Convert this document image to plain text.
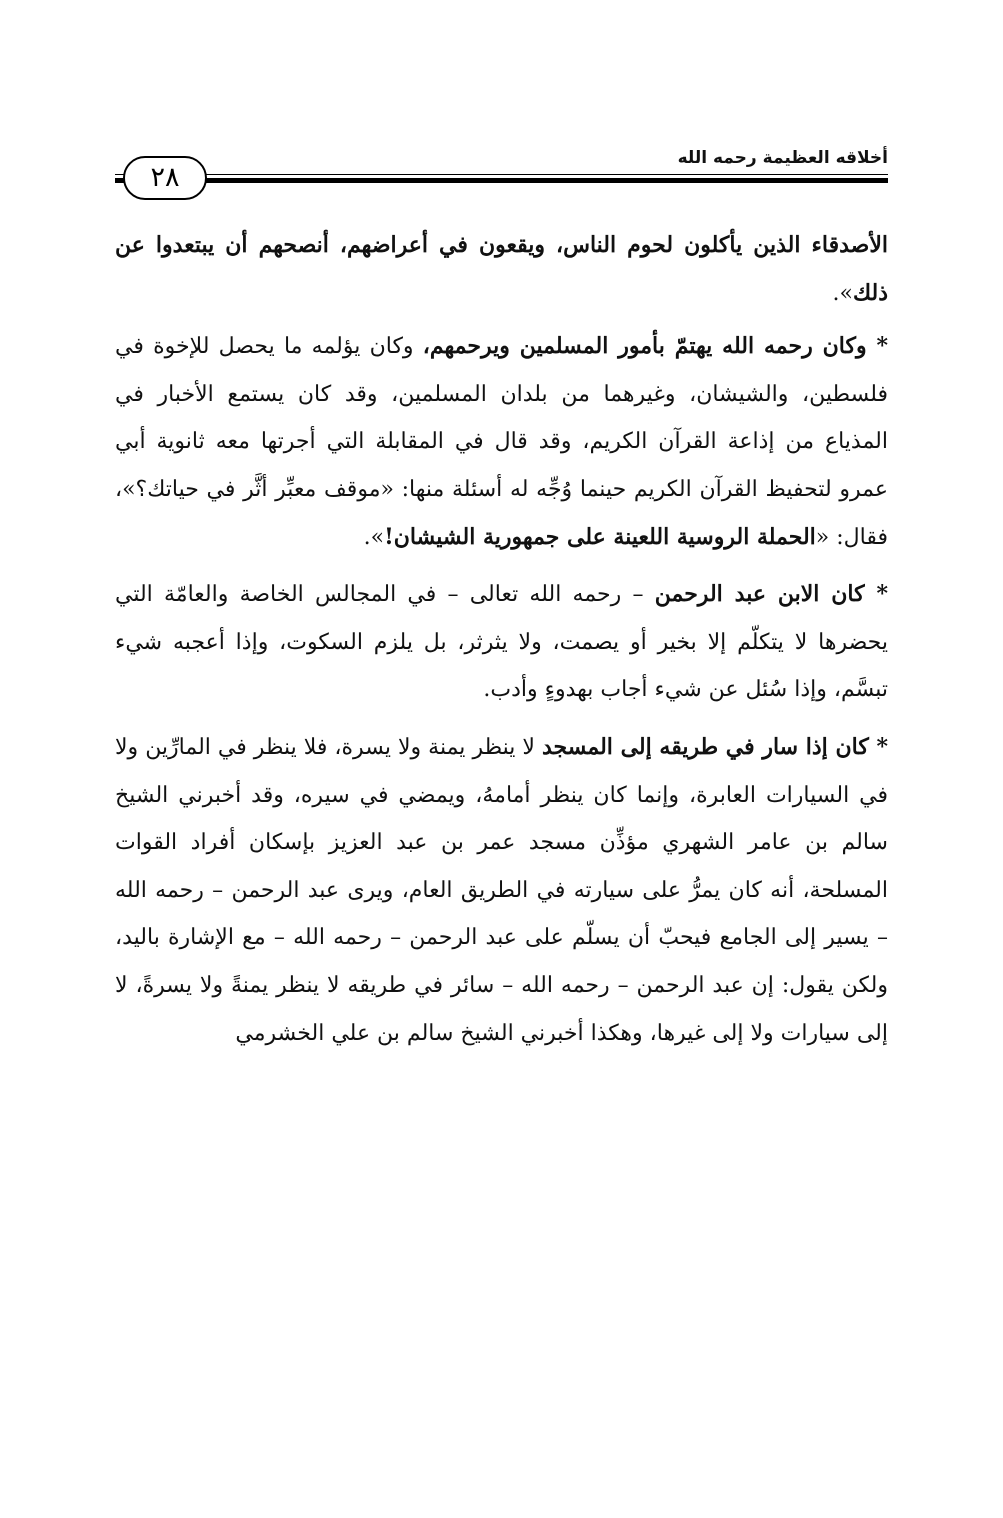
أخلاقه العظيمة رحمه الله
٢٨

الأصدقاء الذين يأكلون لحوم الناس، ويقعون في أعراضهم، أنصحهم أن يبتعدوا عن ذلك».

* وكان رحمه الله يهتمّ بأمور المسلمين ويرحمهم، وكان يؤلمه ما يحصل للإخوة في فلسطين، والشيشان، وغيرهما من بلدان المسلمين، وقد كان يستمع الأخبار في المذياع من إذاعة القرآن الكريم، وقد قال في المقابلة التي أجرتها معه ثانوية أبي عمرو لتحفيظ القرآن الكريم حينما وُجِّه له أسئلة منها: «موقف معبِّر أثَّر في حياتك؟»، فقال: «الحملة الروسية اللعينة على جمهورية الشيشان!».

* كان الابن عبد الرحمن – رحمه الله تعالى – في المجالس الخاصة والعامّة التي يحضرها لا يتكلّم إلا بخير أو يصمت، ولا يثرثر، بل يلزم السكوت، وإذا أعجبه شيء تبسَّم، وإذا سُئل عن شيء أجاب بهدوءٍ وأدب.

* كان إذا سار في طريقه إلى المسجد لا ينظر يمنة ولا يسرة، فلا ينظر في المارِّين ولا في السيارات العابرة، وإنما كان ينظر أمامهُ، ويمضي في سيره، وقد أخبرني الشيخ سالم بن عامر الشهري مؤذِّن مسجد عمر بن عبد العزيز بإسكان أفراد القوات المسلحة، أنه كان يمرُّ على سيارته في الطريق العام، ويرى عبد الرحمن – رحمه الله – يسير إلى الجامع فيحبّ أن يسلّم على عبد الرحمن – رحمه الله – مع الإشارة باليد، ولكن يقول: إن عبد الرحمن – رحمه الله – سائر في طريقه لا ينظر يمنةً ولا يسرةً، لا إلى سيارات ولا إلى غيرها، وهكذا أخبرني الشيخ سالم بن علي الخشرمي
